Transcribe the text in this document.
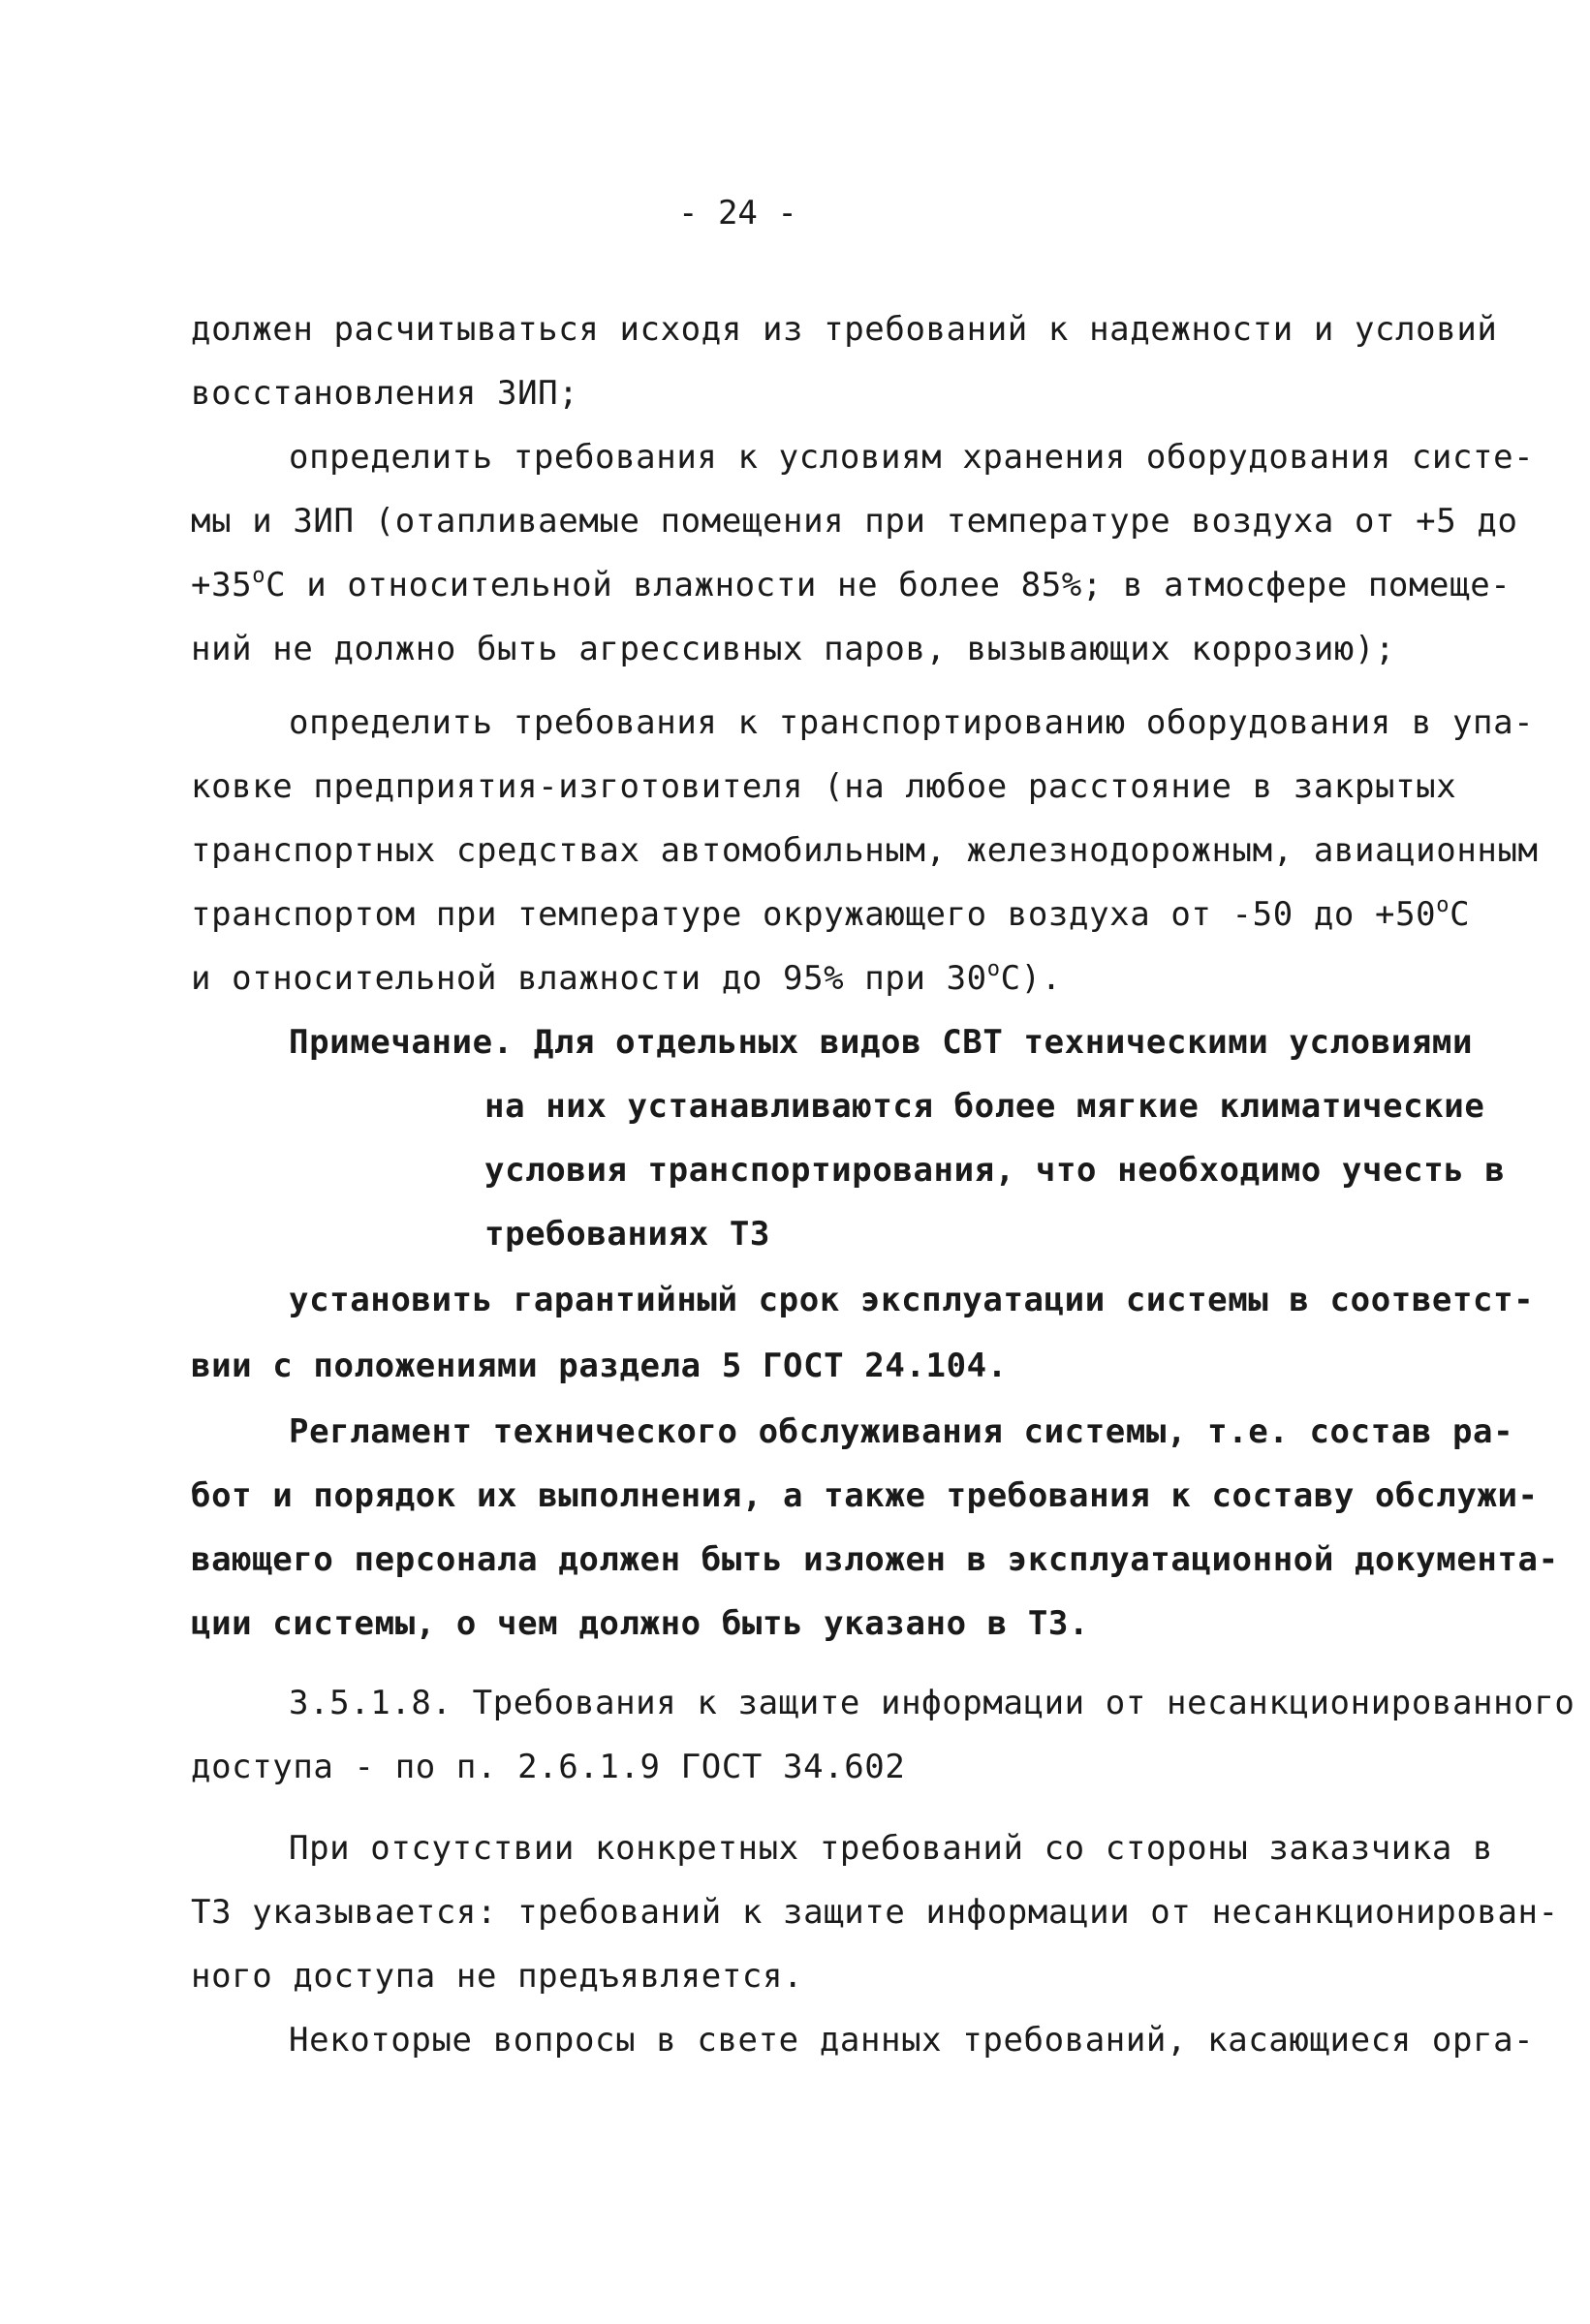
- 24 -
должен расчитываться исходя из требований к надежности и условий
восстановления ЗИП;
определить требования к условиям хранения оборудования систе-
мы и ЗИП (отапливаемые помещения при температуре воздуха от +5 до
$+35^oС$ и относительной влажности не более 85%; в атмосфере помеще-
ний не должно быть агрессивных паров, вызывающих коррозию);
определить требования к транспортированию оборудования в упа-
ковке предприятия-изготовителя (на любое расстояние в закрытых
транспортных средствах автомобильным, железнодорожным, авиационным
транспортом при температуре окружающего воздуха от -50 до $+50^oС$
и относительной влажности до 95% при 30$^o$С).
Примечание. Для отдельных видов СВТ техническими условиями
на них устанавливаются более мягкие климатические
условия транспортирования, что необходимо учесть в
требованиях ТЗ
установить гарантийный срок эксплуатации системы в соответст-
вии с положениями раздела 5 ГОСТ 24.104.
Регламент технического обслуживания системы, т.е. состав ра-
бот и порядок их выполнения, а также требования к составу обслужи-
вающего персонала должен быть изложен в эксплуатационной документа-
ции системы, о чем должно быть указано в ТЗ.
3.5.1.8. Требования к защите информации от несанкционированного
доступа - по п. 2.6.1.9 ГОСТ 34.602
При отсутствии конкретных требований со стороны заказчика в
ТЗ указывается: требований к защите информации от несанкционирован-
ного доступа не предъявляется.
Некоторые вопросы в свете данных требований, касающиеся орга-
